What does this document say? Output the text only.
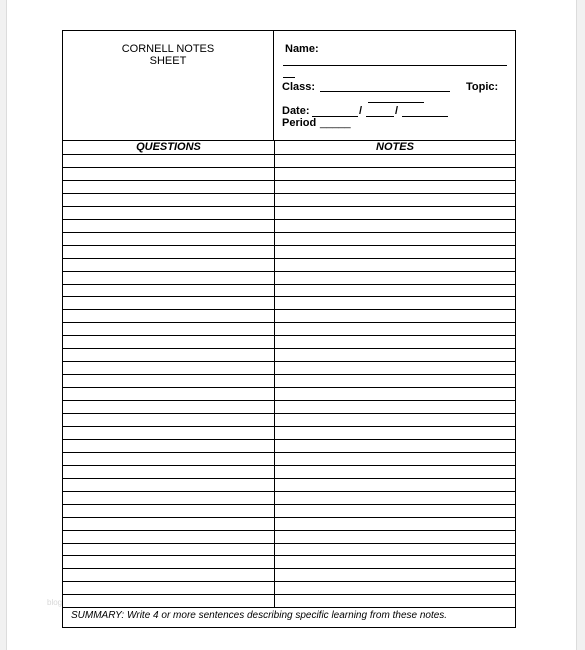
blog
CORNELL NOTES
SHEET
Name:
Class:	Topic:
Date:	/	/
Period _____
QUESTIONS	NOTES
SUMMARY: Write 4 or more sentences describing specific learning from these notes.
